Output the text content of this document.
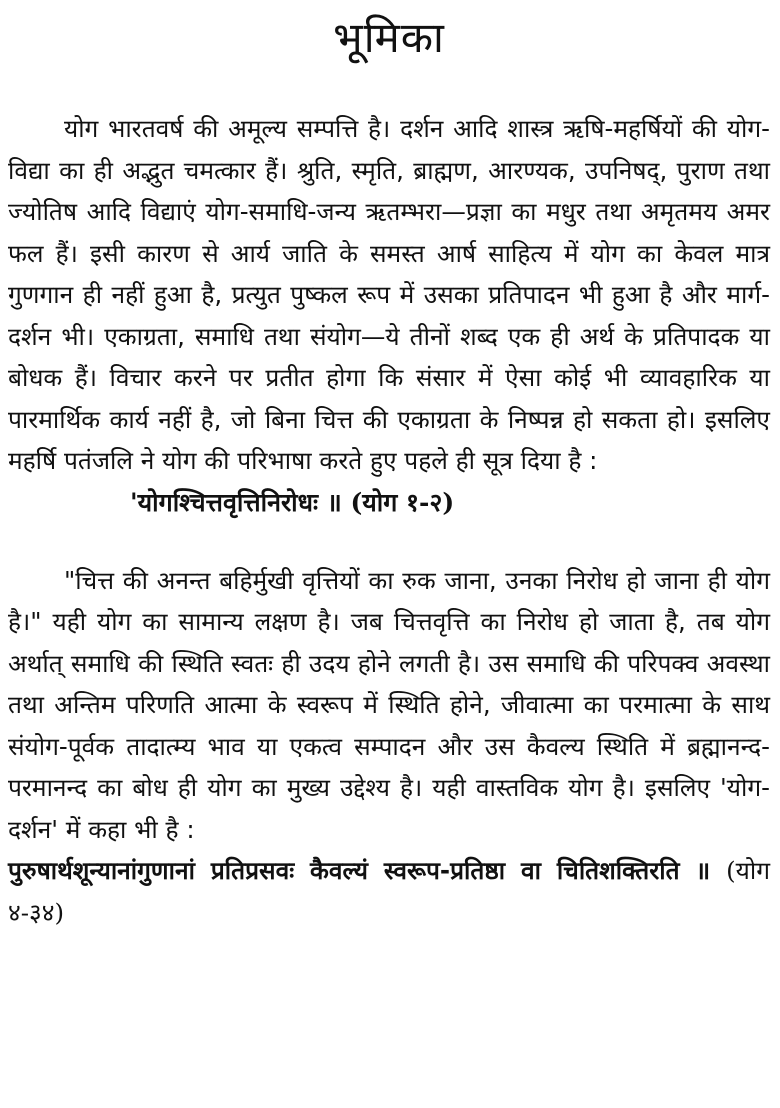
भूमिका

योग भारतवर्ष की अमूल्य सम्पत्ति है। दर्शन आदि शास्त्र ऋषि-महर्षियों की योग-विद्या का ही अद्भुत चमत्कार हैं। श्रुति, स्मृति, ब्राह्मण, आरण्यक, उपनिषद्, पुराण तथा ज्योतिष आदि विद्याएं योग-समाधि-जन्य ऋतम्भरा—प्रज्ञा का मधुर तथा अमृतमय अमर फल हैं। इसी कारण से आर्य जाति के समस्त आर्ष साहित्य में योग का केवल मात्र गुणगान ही नहीं हुआ है, प्रत्युत पुष्कल रूप में उसका प्रतिपादन भी हुआ है और मार्ग-दर्शन भी। एकाग्रता, समाधि तथा संयोग—ये तीनों शब्द एक ही अर्थ के प्रतिपादक या बोधक हैं। विचार करने पर प्रतीत होगा कि संसार में ऐसा कोई भी व्यावहारिक या पारमार्थिक कार्य नहीं है, जो बिना चित्त की एकाग्रता के निष्पन्न हो सकता हो। इसलिए महर्षि पतंजलि ने योग की परिभाषा करते हुए पहले ही सूत्र दिया है :

'योगश्चित्तवृत्तिनिरोधः ॥ (योग १-२)

"चित्त की अनन्त बहिर्मुखी वृत्तियों का रुक जाना, उनका निरोध हो जाना ही योग है।" यही योग का सामान्य लक्षण है। जब चित्तवृत्ति का निरोध हो जाता है, तब योग अर्थात् समाधि की स्थिति स्वतः ही उदय होने लगती है। उस समाधि की परिपक्व अवस्था तथा अन्तिम परिणति आत्मा के स्वरूप में स्थिति होने, जीवात्मा का परमात्मा के साथ संयोग-पूर्वक तादात्म्य भाव या एकत्व सम्पादन और उस कैवल्य स्थिति में ब्रह्मानन्द-परमानन्द का बोध ही योग का मुख्य उद्देश्य है। यही वास्तविक योग है। इसलिए 'योग-दर्शन' में कहा भी है :

पुरुषार्थशून्यानांगुणानां प्रतिप्रसवः कैवल्यं स्वरूप-प्रतिष्ठा वा चितिशक्तिरति ॥ (योग ४-३४)
